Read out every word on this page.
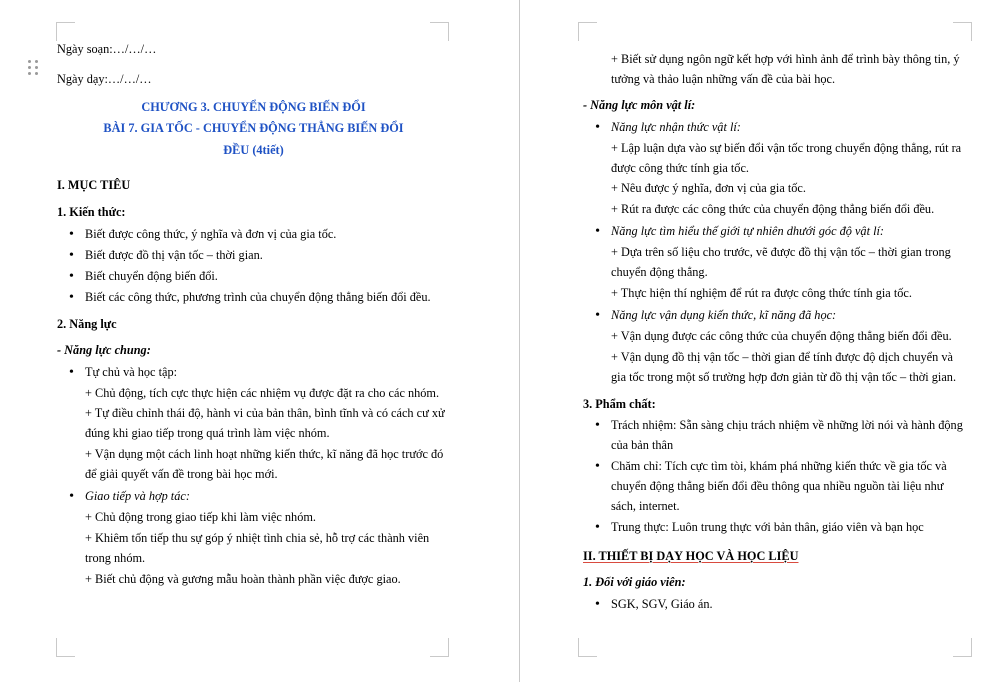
Ngày soạn:…/…/…

Ngày dạy:…/…/…

CHƯƠNG 3. CHUYỂN ĐỘNG BIẾN ĐỔI

BÀI 7. GIA TỐC - CHUYỂN ĐỘNG THẲNG BIẾN ĐỔI

ĐỀU (4tiết)

I. MỤC TIÊU

1. Kiến thức:

• Biết được công thức, ý nghĩa và đơn vị của gia tốc.
• Biết được đồ thị vận tốc – thời gian.
• Biết chuyển động biến đổi.
• Biết các công thức, phương trình của chuyển động thẳng biến đổi đều.

2. Năng lực

- Năng lực chung:

• Tự chủ và học tập:

+ Chủ động, tích cực thực hiện các nhiệm vụ được đặt ra cho các nhóm.

+ Tự điều chỉnh thái độ, hành vi của bản thân, bình tĩnh và có cách cư xử đúng khi giao tiếp trong quá trình làm việc nhóm.

+ Vận dụng một cách linh hoạt những kiến thức, kĩ năng đã học trước đó để giải quyết vấn đề trong bài học mới.

• Giao tiếp và hợp tác:

+ Chủ động trong giao tiếp khi làm việc nhóm.

+ Khiêm tốn tiếp thu sự góp ý nhiệt tình chia sẻ, hỗ trợ các thành viên trong nhóm.

+ Biết chủ động và gương mẫu hoàn thành phần việc được giao.

+ Biết sử dụng ngôn ngữ kết hợp với hình ảnh để trình bày thông tin, ý tưởng và thảo luận những vấn đề của bài học.

- Năng lực môn vật lí:

• Năng lực nhận thức vật lí:

+ Lập luận dựa vào sự biến đổi vận tốc trong chuyển động thẳng, rút ra được công thức tính gia tốc.

+ Nêu được ý nghĩa, đơn vị của gia tốc.

+ Rút ra được các công thức của chuyển động thẳng biến đổi đều.

• Năng lực tìm hiểu thế giới tự nhiên dhưới góc độ vật lí:

+ Dựa trên số liệu cho trước, vẽ được đồ thị vận tốc – thời gian trong chuyển động thẳng.

+ Thực hiện thí nghiệm để rút ra được công thức tính gia tốc.

• Năng lực vận dụng kiến thức, kĩ năng đã học:

+ Vận dụng được các công thức của chuyển động thẳng biến đổi đều.

+ Vận dụng đồ thị vận tốc – thời gian để tính được độ dịch chuyển và gia tốc trong một số trường hợp đơn giản từ đồ thị vận tốc – thời gian.

3. Phẩm chất:

• Trách nhiệm: Sẵn sàng chịu trách nhiệm về những lời nói và hành động của bản thân
• Chăm chỉ: Tích cực tìm tòi, khám phá những kiến thức về gia tốc và chuyển động thẳng biến đổi đều thông qua nhiều nguồn tài liệu như sách, internet.
• Trung thực: Luôn trung thực với bản thân, giáo viên và bạn học

II. THIẾT BỊ DẠY HỌC VÀ HỌC LIỆU

1. Đối với giáo viên:

• SGK, SGV, Giáo án.
